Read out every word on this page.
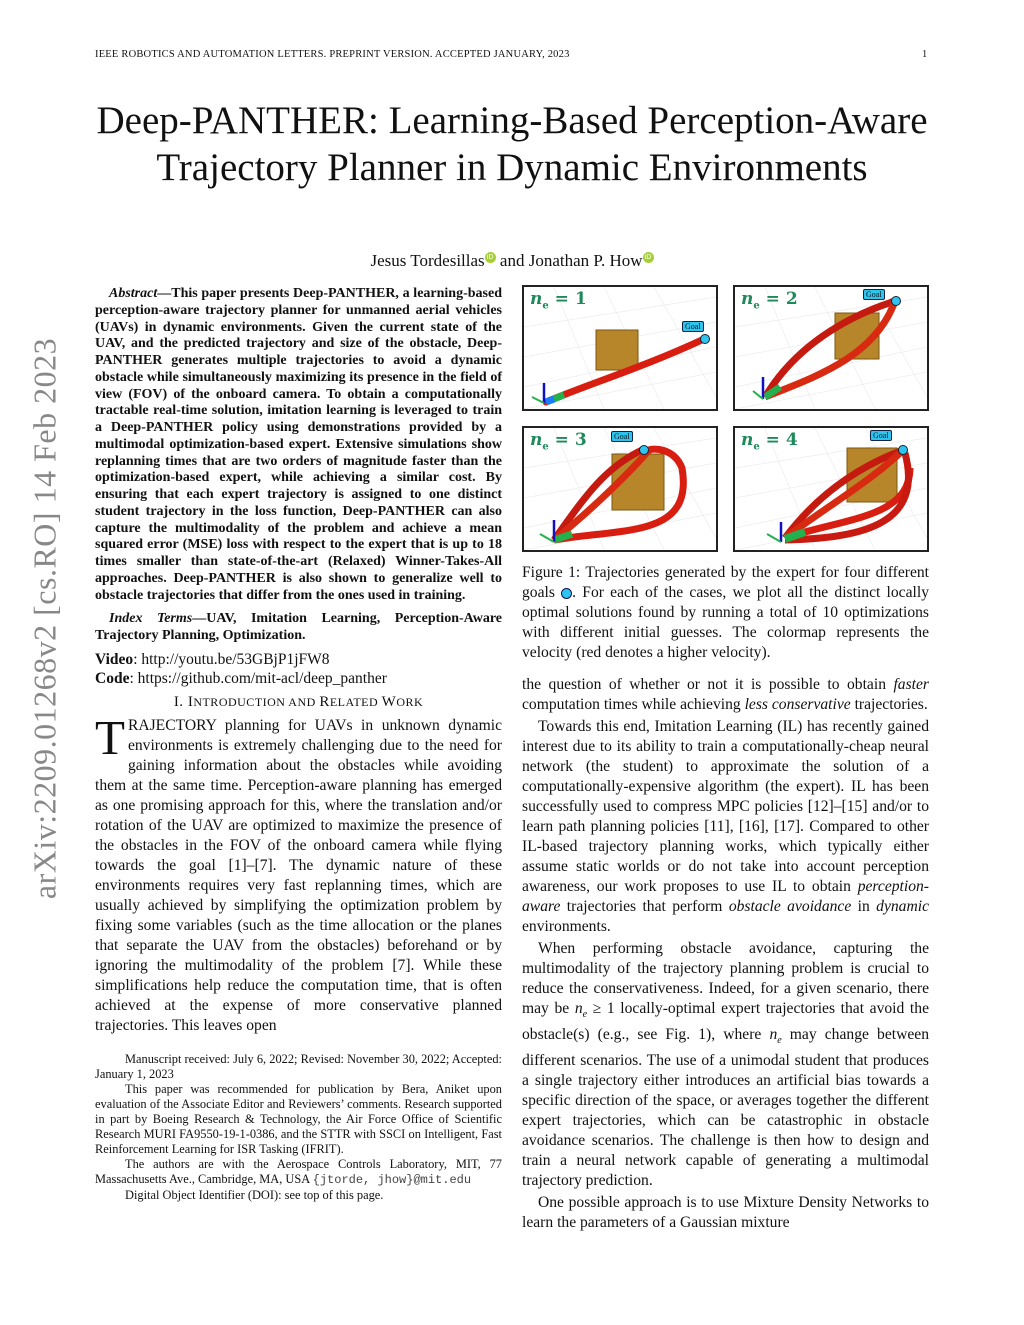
IEEE ROBOTICS AND AUTOMATION LETTERS. PREPRINT VERSION. ACCEPTED JANUARY, 2023	1
Deep-PANTHER: Learning-Based Perception-Aware Trajectory Planner in Dynamic Environments
Jesus Tordesillas iD and Jonathan P. How iD
arXiv:2209.01268v2 [cs.RO] 14 Feb 2023

Abstract—This paper presents Deep-PANTHER, a learning-based perception-aware trajectory planner for unmanned aerial vehicles (UAVs) in dynamic environments. Given the current state of the UAV, and the predicted trajectory and size of the obstacle, Deep-PANTHER generates multiple trajectories to avoid a dynamic obstacle while simultaneously maximizing its presence in the field of view (FOV) of the onboard camera. To obtain a computationally tractable real-time solution, imitation learning is leveraged to train a Deep-PANTHER policy using demonstrations provided by a multimodal optimization-based expert. Extensive simulations show replanning times that are two orders of magnitude faster than the optimization-based expert, while achieving a similar cost. By ensuring that each expert trajectory is assigned to one distinct student trajectory in the loss function, Deep-PANTHER can also capture the multimodality of the problem and achieve a mean squared error (MSE) loss with respect to the expert that is up to 18 times smaller than state-of-the-art (Relaxed) Winner-Takes-All approaches. Deep-PANTHER is also shown to generalize well to obstacle trajectories that differ from the ones used in training.

Index Terms—UAV, Imitation Learning, Perception-Aware Trajectory Planning, Optimization.

Video: http://youtu.be/53GBjP1jFW8
Code: https://github.com/mit-acl/deep_panther
I. INTRODUCTION AND RELATED WORK

TRAJECTORY planning for UAVs in unknown dynamic environments is extremely challenging due to the need for gaining information about the obstacles while avoiding them at the same time. Perception-aware planning has emerged as one promising approach for this, where the translation and/or rotation of the UAV are optimized to maximize the presence of the obstacles in the FOV of the onboard camera while flying towards the goal [1]–[7]. The dynamic nature of these environments requires very fast replanning times, which are usually achieved by simplifying the optimization problem by fixing some variables (such as the time allocation or the planes that separate the UAV from the obstacles) beforehand or by ignoring the multimodality of the problem [7]. While these simplifications help reduce the computation time, that is often achieved at the expense of more conservative planned trajectories. This leaves open

Manuscript received: July 6, 2022; Revised: November 30, 2022; Accepted: January 1, 2023

This paper was recommended for publication by Bera, Aniket upon evaluation of the Associate Editor and Reviewers’ comments. Research supported in part by Boeing Research & Technology, the Air Force Office of Scientific Research MURI FA9550-19-1-0386, and the STTR with SSCI on Intelligent, Fast Reinforcement Learning for ISR Tasking (IFRIT).

The authors are with the Aerospace Controls Laboratory, MIT, 77 Massachusetts Ave., Cambridge, MA, USA {jtorde, jhow}@mit.edu

Digital Object Identifier (DOI): see top of this page.

$n_e = 1$
Goal
$n_e = 2$	Goal
$n_e = 3$	Goal	$n_e = 4$	Goal

Figure 1: Trajectories generated by the expert for four different goals . For each of the cases, we plot all the distinct locally optimal solutions found by running a total of 10 optimizations with different initial guesses. The colormap represents the velocity (red denotes a higher velocity).

the question of whether or not it is possible to obtain faster computation times while achieving less conservative trajectories.

Towards this end, Imitation Learning (IL) has recently gained interest due to its ability to train a computationally-cheap neural network (the student) to approximate the solution of a computationally-expensive algorithm (the expert). IL has been successfully used to compress MPC policies [12]–[15] and/or to learn path planning policies [11], [16], [17]. Compared to other IL-based trajectory planning works, which typically either assume static worlds or do not take into account perception awareness, our work proposes to use IL to obtain perception-aware trajectories that perform obstacle avoidance in dynamic environments.

When performing obstacle avoidance, capturing the multimodality of the trajectory planning problem is crucial to reduce the conservativeness. Indeed, for a given scenario, there may be $n_e \ge 1$ locally-optimal expert trajectories that avoid the obstacle(s) (e.g., see Fig. 1), where $n_e$ may change between different scenarios. The use of a unimodal student that produces a single trajectory either introduces an artificial bias towards a specific direction of the space, or averages together the different expert trajectories, which can be catastrophic in obstacle avoidance scenarios. The challenge is then how to design and train a neural network capable of generating a multimodal trajectory prediction.

One possible approach is to use Mixture Density Networks to learn the parameters of a Gaussian mixture
